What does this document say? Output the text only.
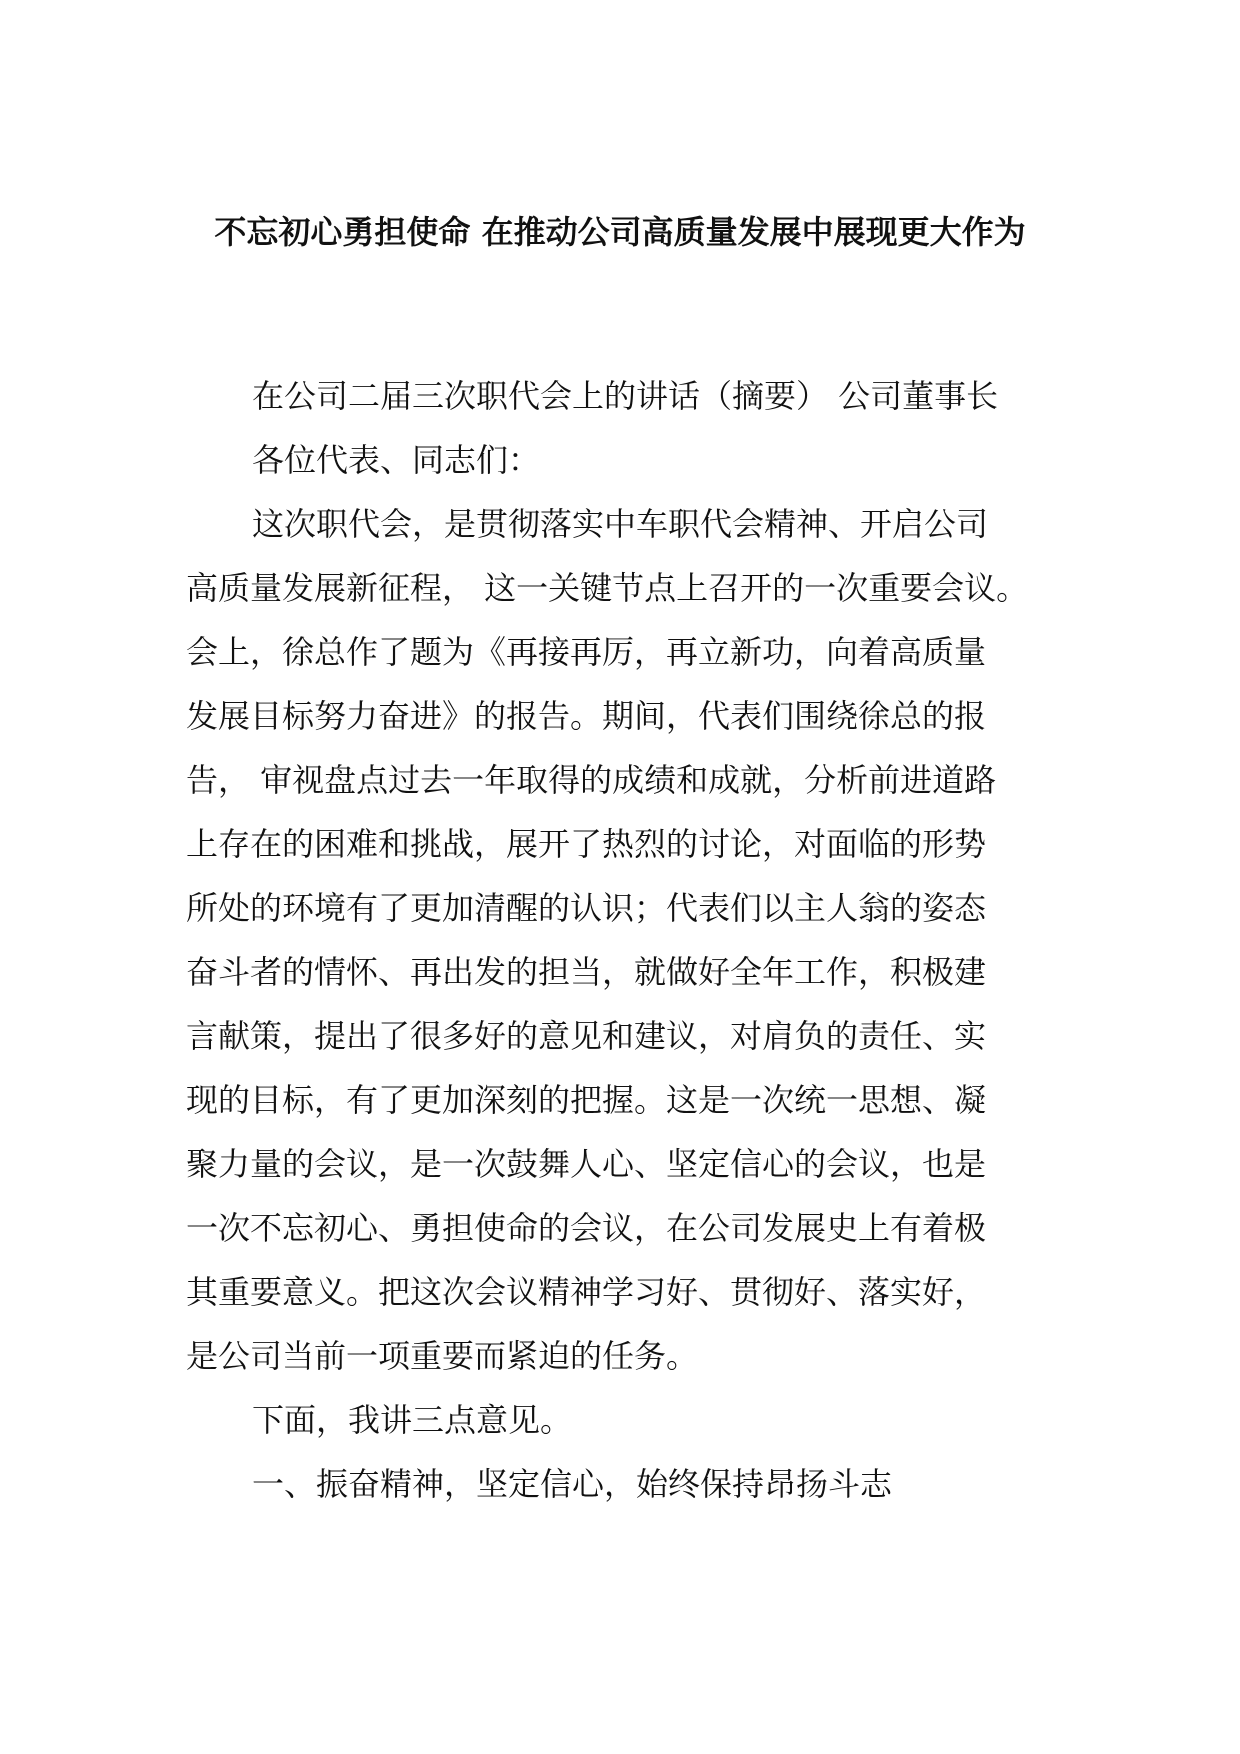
不忘初心勇担使命 在推动公司高质量发展中展现更大作为

在公司二届三次职代会上的讲话（摘要） 公司董事长

各位代表、同志们：

这次职代会，是贯彻落实中车职代会精神、开启公司

高质量发展新征程， 这一关键节点上召开的一次重要会议。

会上，徐总作了题为《再接再厉，再立新功，向着高质量

发展目标努力奋进》的报告。期间，代表们围绕徐总的报

告， 审视盘点过去一年取得的成绩和成就，分析前进道路

上存在的困难和挑战，展开了热烈的讨论，对面临的形势

所处的环境有了更加清醒的认识；代表们以主人翁的姿态

奋斗者的情怀、再出发的担当，就做好全年工作，积极建

言献策，提出了很多好的意见和建议，对肩负的责任、实

现的目标，有了更加深刻的把握。这是一次统一思想、凝

聚力量的会议，是一次鼓舞人心、坚定信心的会议，也是

一次不忘初心、勇担使命的会议，在公司发展史上有着极

其重要意义。把这次会议精神学习好、贯彻好、落实好，

是公司当前一项重要而紧迫的任务。

下面，我讲三点意见。

一、振奋精神，坚定信心，始终保持昂扬斗志
